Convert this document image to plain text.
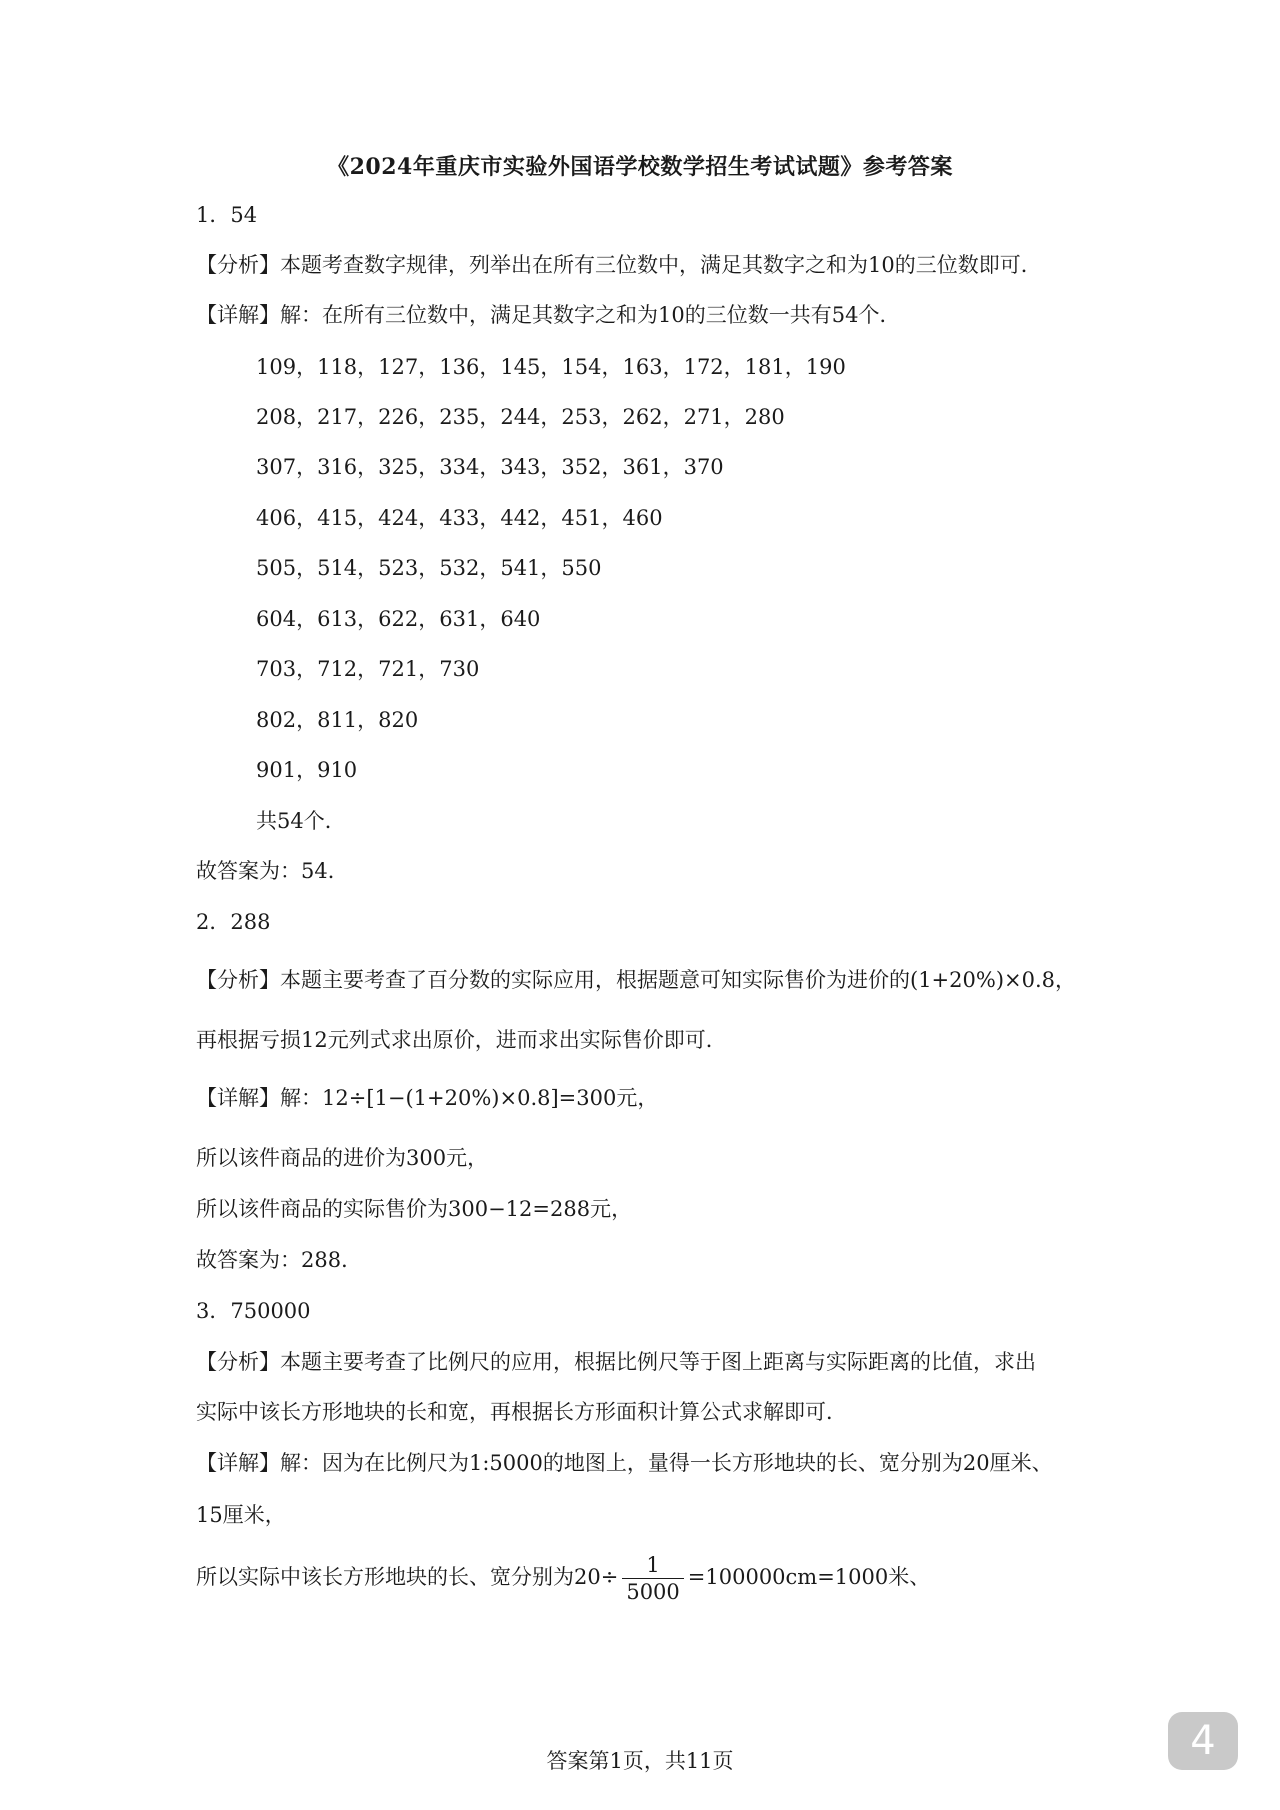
《2024年重庆市实验外国语学校数学招生考试试题》参考答案
1．54
【分析】本题考查数字规律，列举出在所有三位数中，满足其数字之和为10的三位数即可．
【详解】解：在所有三位数中，满足其数字之和为10的三位数一共有54个．
109，118，127，136，145，154，163，172，181，190
208，217，226，235，244，253，262，271，280
307，316，325，334，343，352，361，370
406，415，424，433，442，451，460
505，514，523，532，541，550
604，613，622，631，640
703，712，721，730
802，811，820
901，910
共54个．
故答案为：54．
2．288
【分析】本题主要考查了百分数的实际应用，根据题意可知实际售价为进价的(1+20%)×0.8，
再根据亏损12元列式求出原价，进而求出实际售价即可．
【详解】解：12÷[1−(1+20%)×0.8]=300元，
所以该件商品的进价为300元，
所以该件商品的实际售价为300−12=288元，
故答案为：288．
3．750000
【分析】本题主要考查了比例尺的应用，根据比例尺等于图上距离与实际距离的比值，求出
实际中该长方形地块的长和宽，再根据长方形面积计算公式求解即可．
【详解】解：因为在比例尺为1:5000的地图上，量得一长方形地块的长、宽分别为20厘米、
15厘米，
所以实际中该长方形地块的长、宽分别为$20\div \frac{1}{5000} =100000cm=1000$米、
答案第1页，共11页	4
